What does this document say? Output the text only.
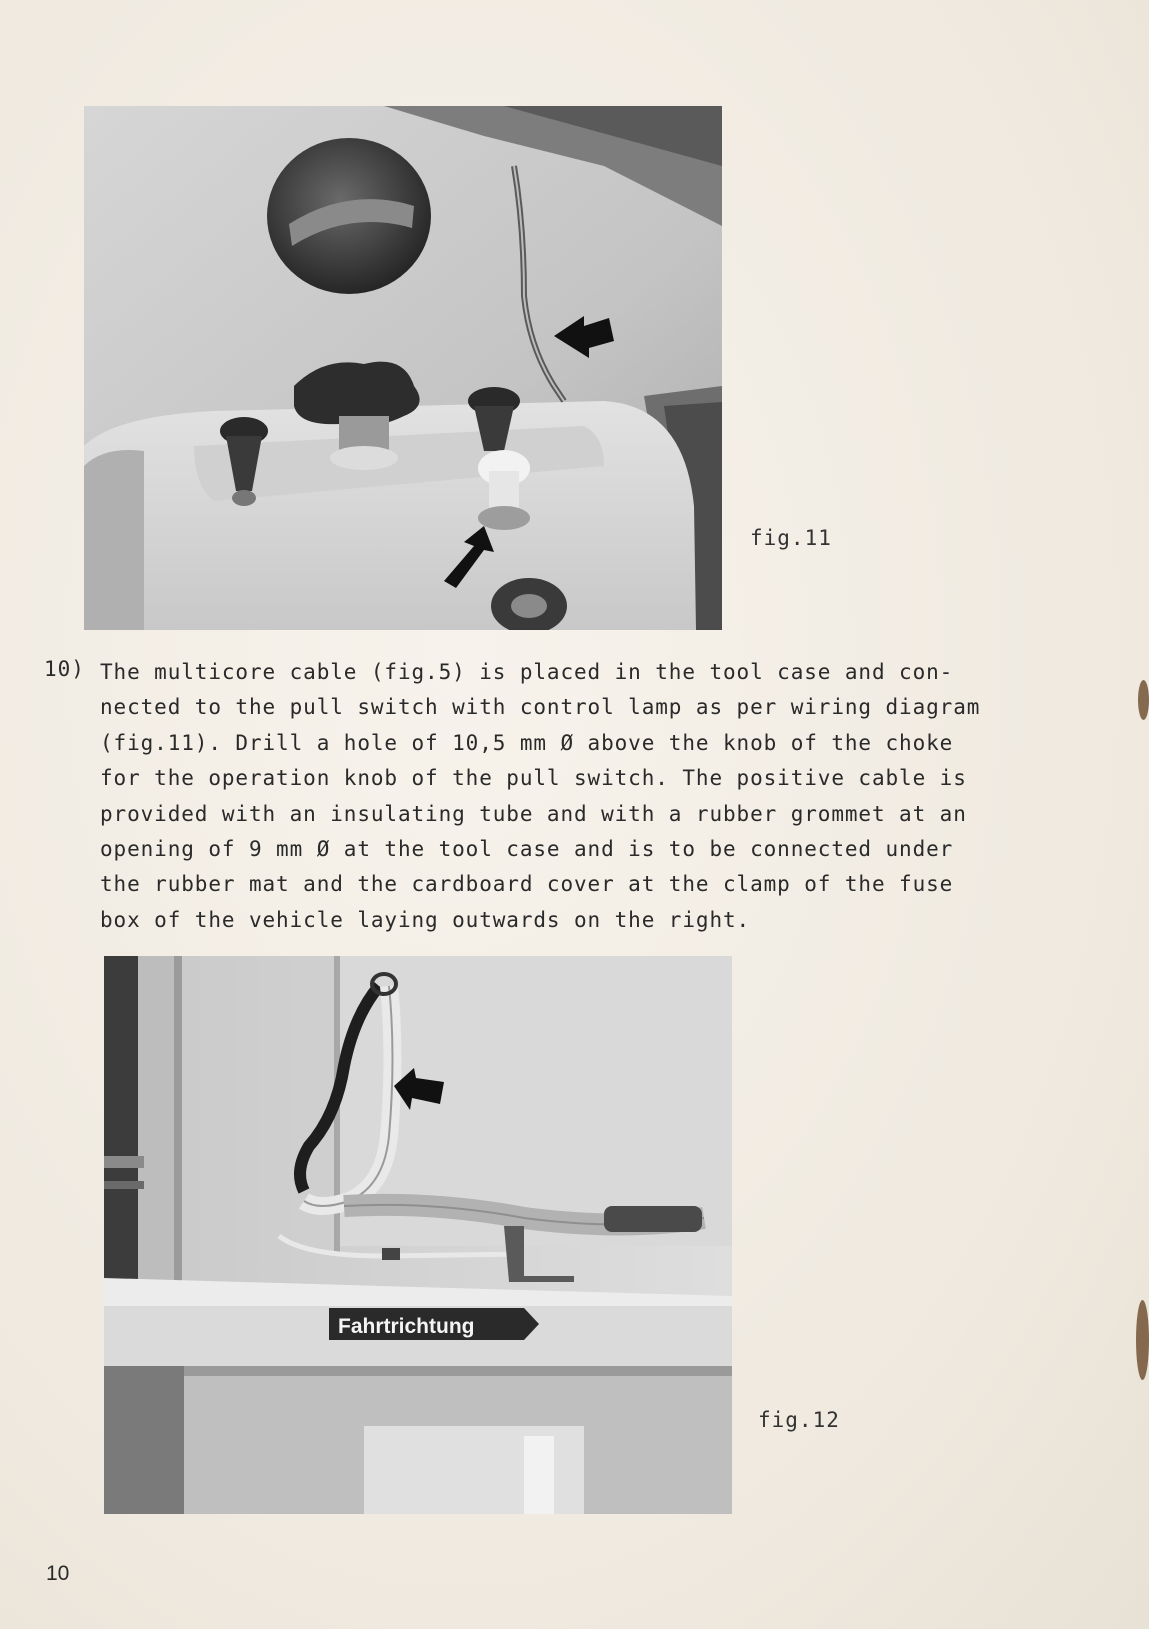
fig.11
10) The multicore cable (fig.5) is placed in the tool case and con-
nected to the pull switch with control lamp as per wiring diagram
(fig.11). Drill a hole of 10,5 mm Ø above the knob of the choke
for the operation knob of the pull switch. The positive cable is
provided with an insulating tube and with a rubber grommet at an
opening of 9 mm Ø at the tool case and is to be connected under
the rubber mat and the cardboard cover at the clamp of the fuse
box of the vehicle laying outwards on the right.
Fahrtrichtung
fig.12
10
